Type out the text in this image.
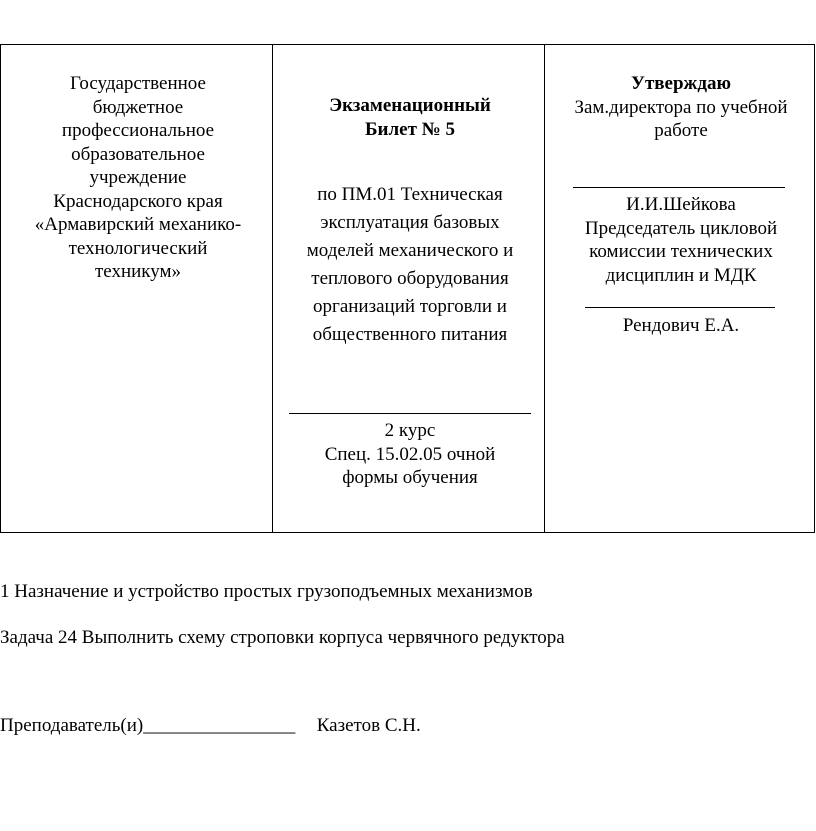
Государственное
бюджетное
профессиональное
образовательное
учреждение
Краснодарского края
«Армавирский механико-
технологический
техникум»
Экзаменационный
Билет № 5
по ПМ.01 Техническая
эксплуатация базовых
моделей механического и
теплового оборудования
организаций торговли и
общественного питания
2 курс
Спец. 15.02.05 очной
формы обучения
Утверждаю
Зам.директора по учебной
работе
И.И.Шейкова
Председатель цикловой
комиссии технических
дисциплин и МДК
Рендович Е.А.
1 Назначение и устройство простых грузоподъемных механизмов
Задача 24 Выполнить схему строповки корпуса червячного редуктора
Преподаватель(и)________________ Казетов С.Н.
